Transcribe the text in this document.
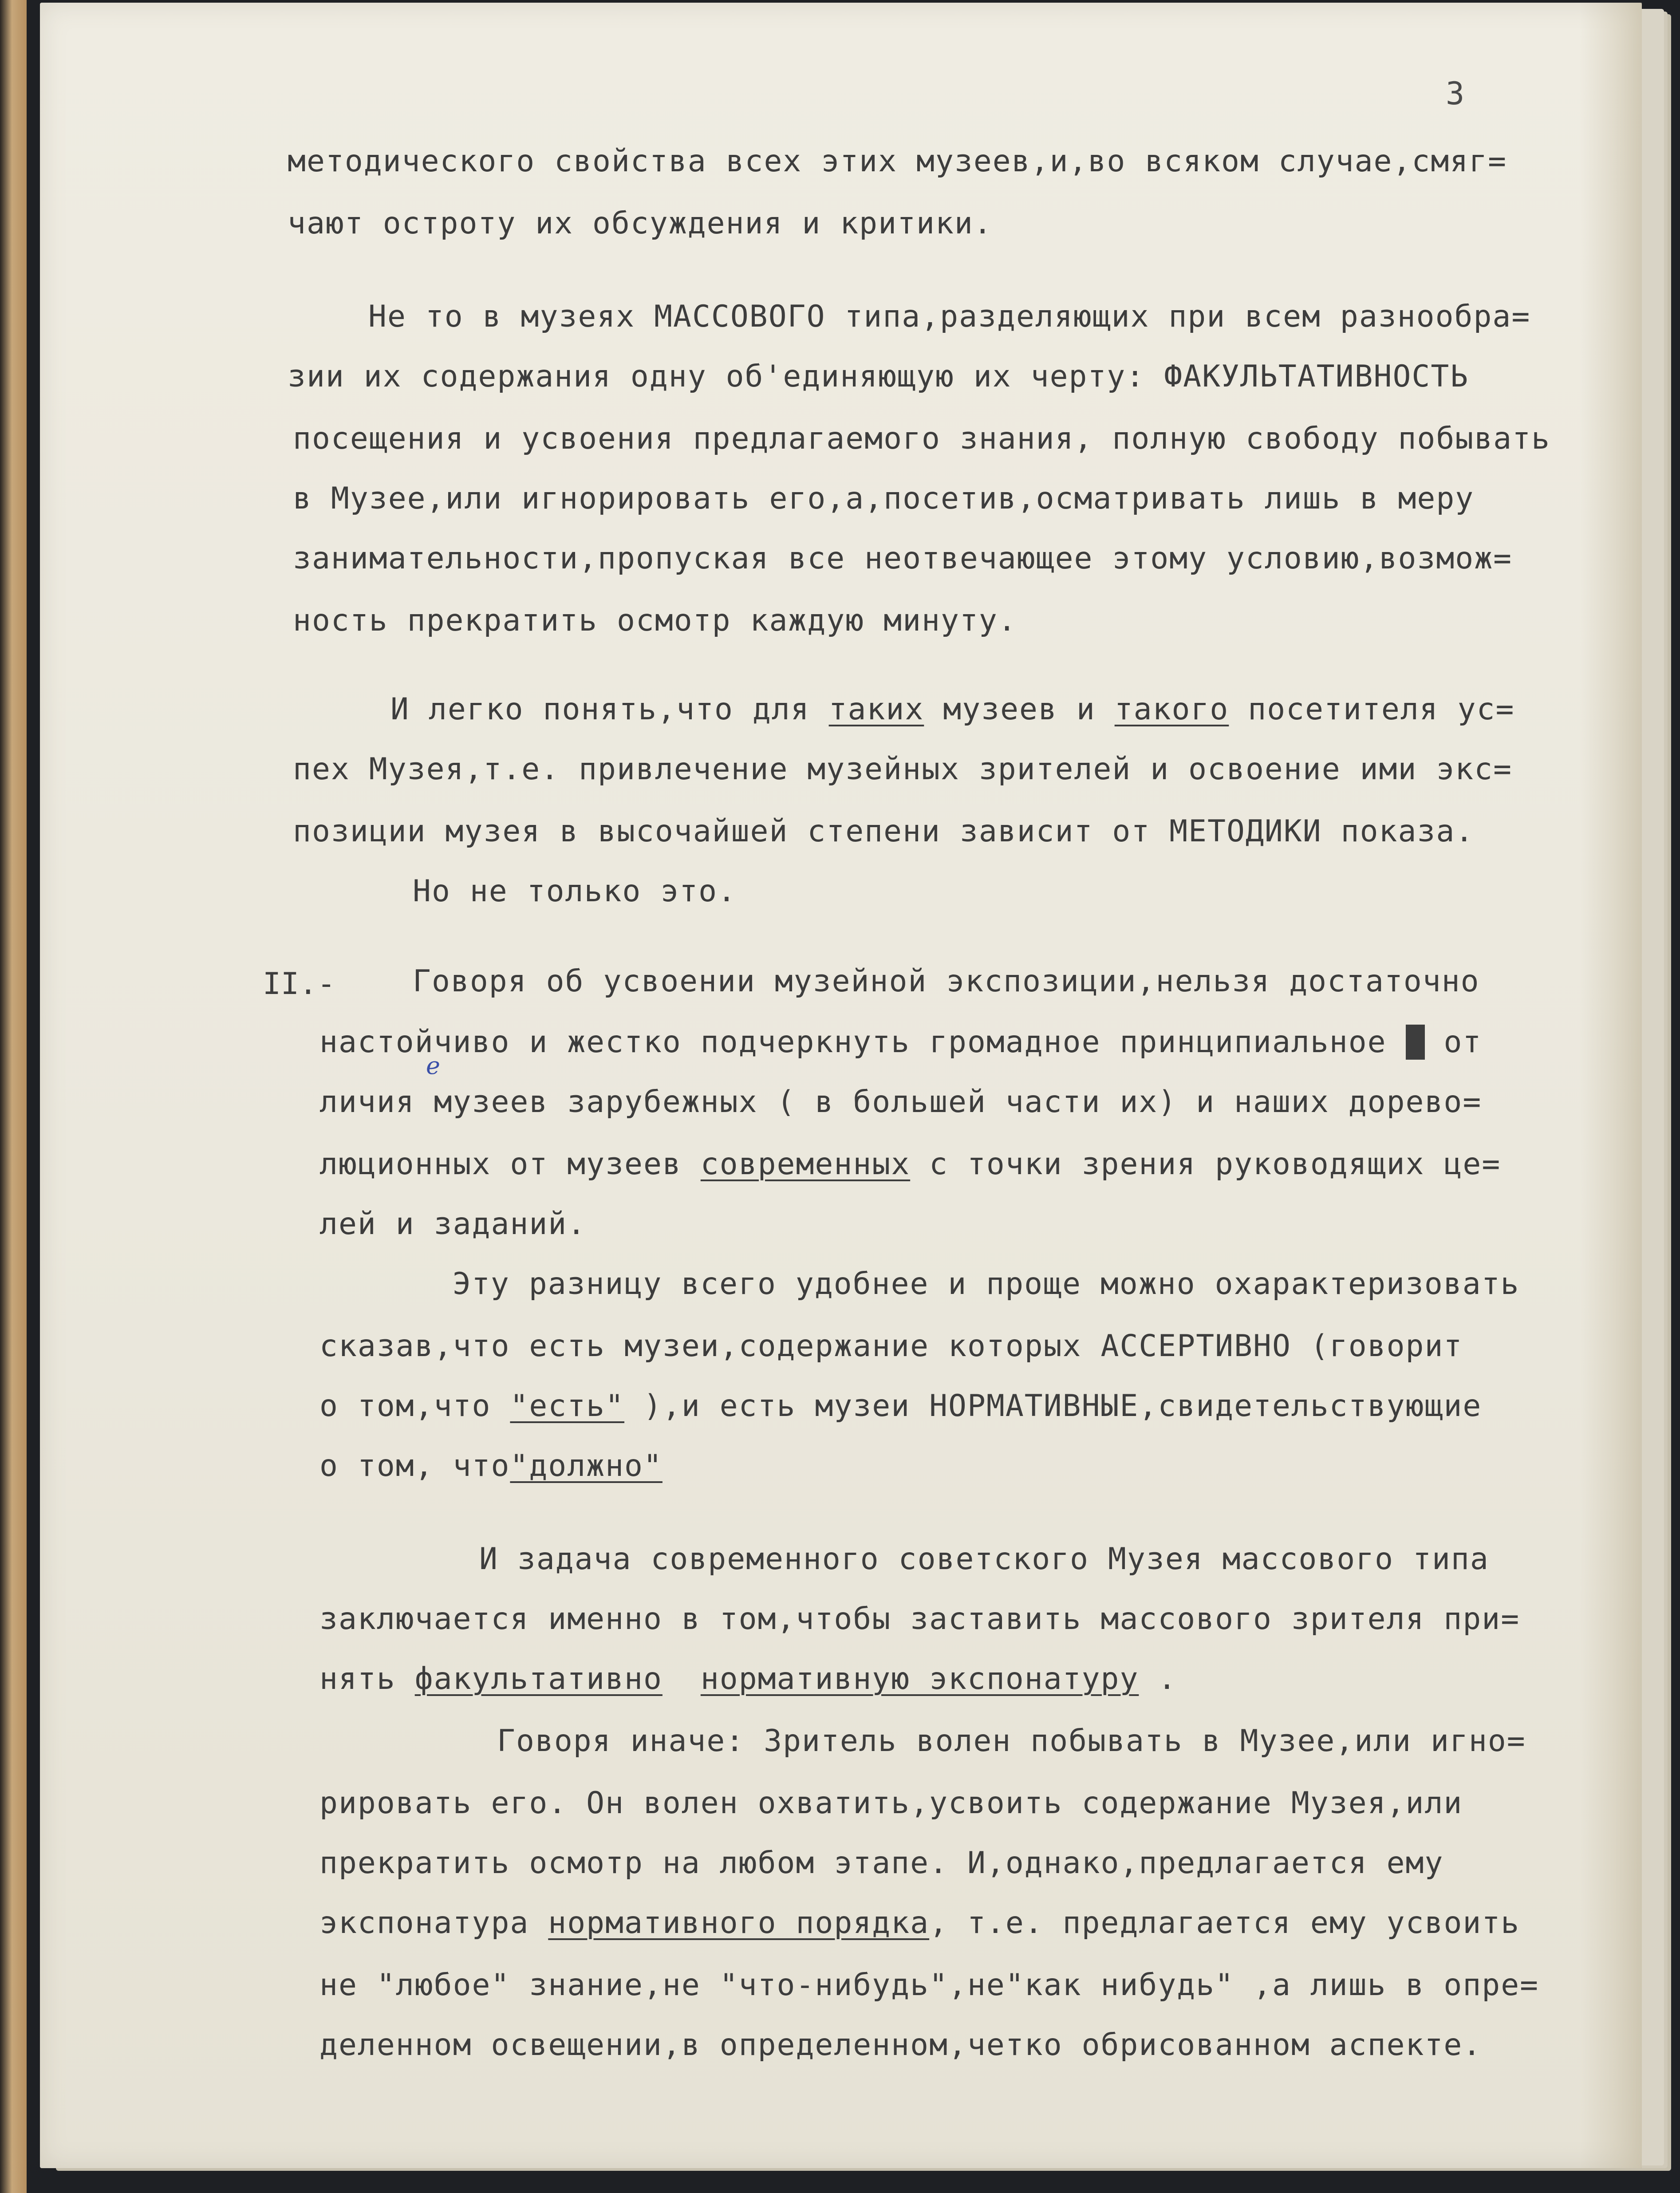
3
методического свойства всех этих музеев,и,во всяком случае,смяг=
чают остроту их обсуждения и критики.
Не то в музеях МАССОВОГО типа,разделяющих при всем разнообра=
зии их содержания одну об'единяющую их черту: ФАКУЛЬТАТИВНОСТЬ
посещения и усвоения предлагаемого знания, полную свободу побывать
в Музее,или игнорировать его,а,посетив,осматривать лишь в меру
занимательности,пропуская все неотвечающее этому условию,возмож=
ность прекратить осмотр каждую минуту.
И легко понять,что для таких музеев и такого посетителя ус=
пех Музея,т.е. привлечение музейных зрителей и освоение ими экс=
позиции музея в высочайшей степени зависит от МЕТОДИКИ показа.
Но не только это.
II.-	Говоря об усвоении музейной экспозиции,нельзя достаточно
настойчиво и жестко подчеркнуть громадное принципиальное ш от
е
личия музеев зарубежных ( в большей части их) и наших дорево=
люционных от музеев современных с точки зрения руководящих це=
лей и заданий.
Эту разницу всего удобнее и проще можно охарактеризовать
сказав,что есть музеи,содержание которых АССЕРТИВНО (говорит
о том,что "есть" ),и есть музеи НОРМАТИВНЫЕ,свидетельствующие
о том, что"должно"
И задача современного советского Музея массового типа
заключается именно в том,чтобы заставить массового зрителя при=
нять факультативно нормативную экспонатуру .
Говоря иначе: Зритель волен побывать в Музее,или игно=
рировать его. Он волен охватить,усвоить содержание Музея,или
прекратить осмотр на любом этапе. И,однако,предлагается ему
экспонатура нормативного порядка, т.е. предлагается ему усвоить
не "любое" знание,не "что-нибудь",не"как нибудь" ,а лишь в опре=
деленном освещении,в определенном,четко обрисованном аспекте.
